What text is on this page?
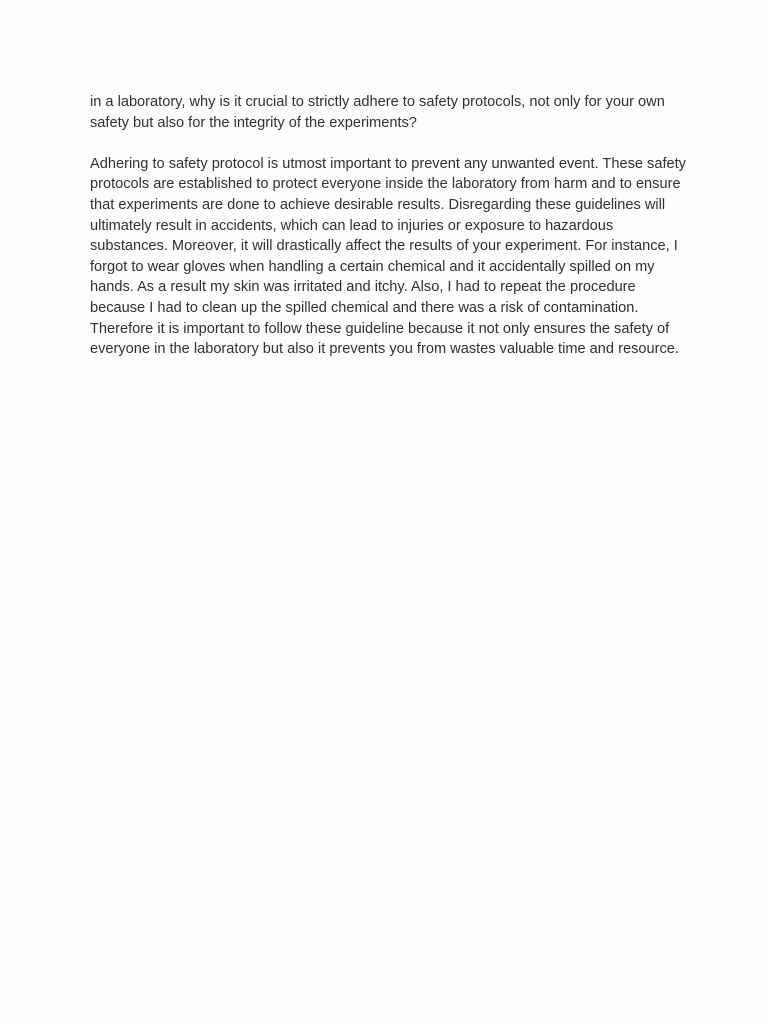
in a laboratory, why is it crucial to strictly adhere to safety protocols, not only for your own safety but also for the integrity of the experiments?

Adhering to safety protocol is utmost important to prevent any unwanted event. These safety protocols are established to protect everyone inside the laboratory from harm and to ensure that experiments are done to achieve desirable results. Disregarding these guidelines will ultimately result in accidents, which can lead to injuries or exposure to hazardous substances. Moreover, it will drastically affect the results of your experiment. For instance, I forgot to wear gloves when handling a certain chemical and it accidentally spilled on my hands. As a result my skin was irritated and itchy. Also, I had to repeat the procedure because I had to clean up the spilled chemical and there was a risk of contamination. Therefore it is important to follow these guideline because it not only ensures the safety of everyone in the laboratory but also it prevents you from wastes valuable time and resource.
